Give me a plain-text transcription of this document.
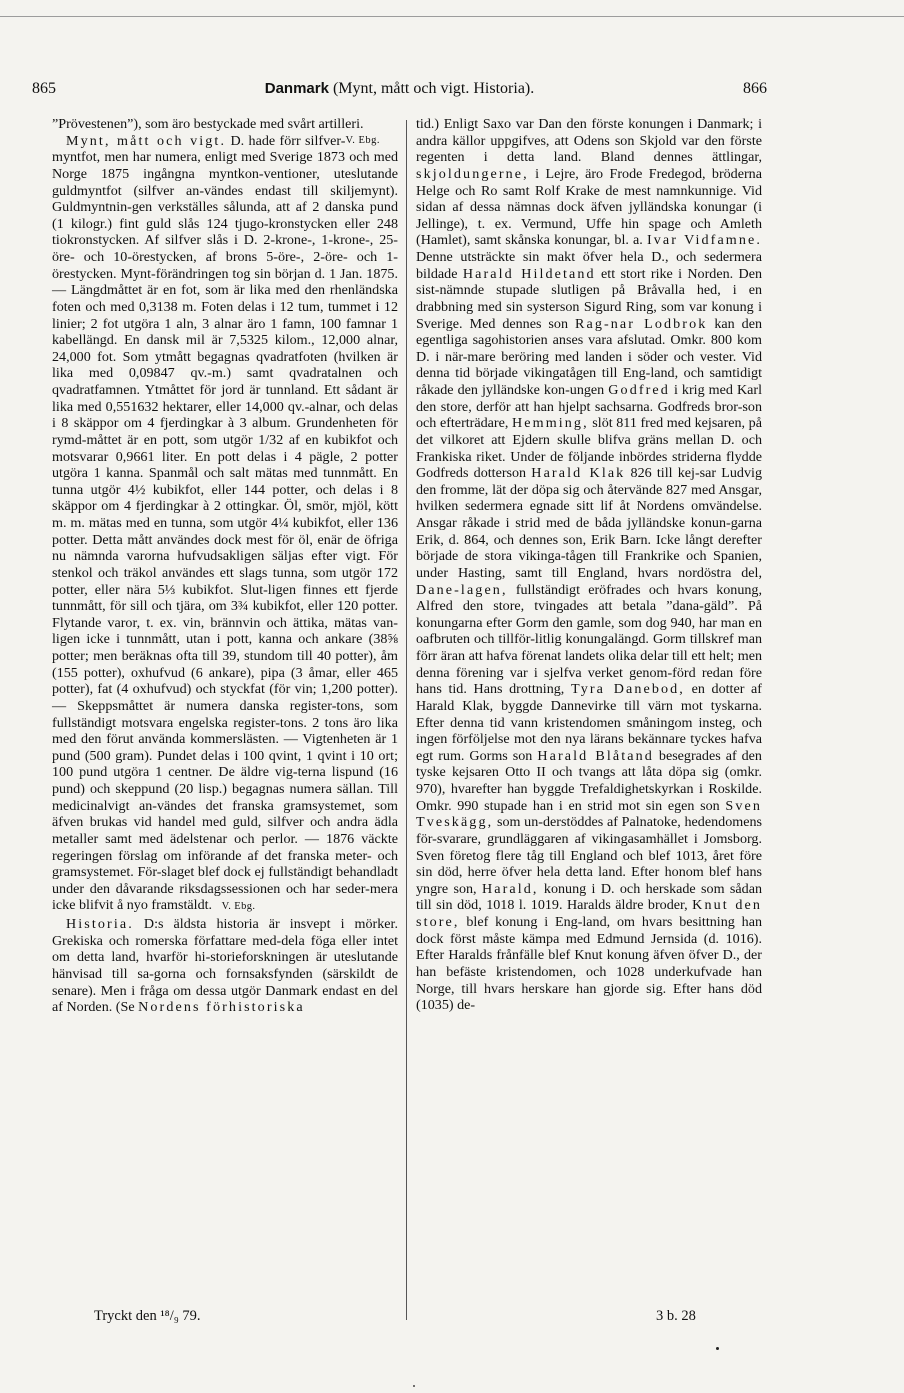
865	Danmark (Mynt, mått och vigt. Historia).	866

”Prövestenen”), som äro bestyckade med svårt artilleri.
V. Ebg.

Mynt, mått och vigt. D. hade förr silfver-myntfot, men har numera, enligt med Sverige 1873 och med Norge 1875 ingångna myntkon-ventioner, uteslutande guldmyntfot (silfver an-vändes endast till skiljemynt). Guldmyntnin-gen verkställes sålunda, att af 2 danska pund (1 kilogr.) fint guld slås 124 tjugo-kronstycken eller 248 tiokronstycken. Af silfver slås i D. 2-krone-, 1-krone-, 25-öre- och 10-örestycken, af brons 5-öre-, 2-öre- och 1-örestycken. Mynt-förändringen tog sin början d. 1 Jan. 1875. — Längdmåttet är en fot, som är lika med den rhenländska foten och med 0,3138 m. Foten delas i 12 tum, tummet i 12 linier; 2 fot utgöra 1 aln, 3 alnar äro 1 famn, 100 famnar 1 kabellängd. En dansk mil är 7,5325 kilom., 12,000 alnar, 24,000 fot. Som ytmått begagnas qvadratfoten (hvilken är lika med 0,09847 qv.-m.) samt qvadratalnen och qvadratfamnen. Ytmåttet för jord är tunnland. Ett sådant är lika med 0,551632 hektarer, eller 14,000 qv.-alnar, och delas i 8 skäppor om 4 fjerdingkar à 3 album. Grundenheten för rymd-måttet är en pott, som utgör 1/32 af en kubikfot och motsvarar 0,9661 liter. En pott delas i 4 pägle, 2 potter utgöra 1 kanna. Spanmål och salt mätas med tunnmått. En tunna utgör 4½ kubikfot, eller 144 potter, och delas i 8 skäppor om 4 fjerdingkar à 2 ottingkar. Öl, smör, mjöl, kött m. m. mätas med en tunna, som utgör 4¼ kubikfot, eller 136 potter. Detta mått användes dock mest för öl, enär de öfriga nu nämnda varorna hufvudsakligen säljas efter vigt. För stenkol och träkol användes ett slags tunna, som utgör 172 potter, eller nära 5⅓ kubikfot. Slut-ligen finnes ett fjerde tunnmått, för sill och tjära, om 3¾ kubikfot, eller 120 potter. Flytande varor, t. ex. vin, brännvin och ättika, mätas van-ligen icke i tunnmått, utan i pott, kanna och ankare (38⅝ potter; men beräknas ofta till 39, stundom till 40 potter), åm (155 potter), oxhufvud (6 ankare), pipa (3 åmar, eller 465 potter), fat (4 oxhufvud) och styckfat (för vin; 1,200 potter). — Skeppsmåttet är numera danska register-tons, som fullständigt motsvara engelska register-tons. 2 tons äro lika med den förut använda kommerslästen. — Vigtenheten är 1 pund (500 gram). Pundet delas i 100 qvint, 1 qvint i 10 ort; 100 pund utgöra 1 centner. De äldre vig-terna lispund (16 pund) och skeppund (20 lisp.) begagnas numera sällan. Till medicinalvigt an-vändes det franska gramsystemet, som äfven brukas vid handel med guld, silfver och andra ädla metaller samt med ädelstenar och perlor. — 1876 väckte regeringen förslag om införande af det franska meter- och gramsystemet. För-slaget blef dock ej fullständigt behandladt under den dåvarande riksdagssessionen och har seder-mera icke blifvit å nyo framstäldt. V. Ebg.

Historia. D:s äldsta historia är insvept i mörker. Grekiska och romerska författare med-dela föga eller intet om detta land, hvarför hi-storieforskningen är uteslutande hänvisad till sa-gorna och fornsaksfynden (särskildt de senare). Men i fråga om dessa utgör Danmark endast en del af Norden. (Se Nordens förhistoriska

tid.) Enligt Saxo var Dan den förste konungen i Danmark; i andra källor uppgifves, att Odens son Skjold var den förste regenten i detta land. Bland dennes ättlingar, skjoldungerne, i Lejre, äro Frode Fredegod, bröderna Helge och Ro samt Rolf Krake de mest namnkunnige. Vid sidan af dessa nämnas dock äfven jylländska konungar (i Jellinge), t. ex. Vermund, Uffe hin spage och Amleth (Hamlet), samt skånska konungar, bl. a. Ivar Vidfamne. Denne utsträckte sin makt öfver hela D., och sedermera bildade Harald Hildetand ett stort rike i Norden. Den sist-nämnde stupade slutligen på Bråvalla hed, i en drabbning med sin systerson Sigurd Ring, som var konung i Sverige. Med dennes son Rag-nar Lodbrok kan den egentliga sagohistorien anses vara afslutad. Omkr. 800 kom D. i när-mare beröring med landen i söder och vester. Vid denna tid började vikingatågen till Eng-land, och samtidigt råkade den jylländske kon-ungen Godfred i krig med Karl den store, derför att han hjelpt sachsarna. Godfreds bror-son och efterträdare, Hemming, slöt 811 fred med kejsaren, på det vilkoret att Ejdern skulle blifva gräns mellan D. och Frankiska riket. Under de följande inbördes striderna flydde Godfreds dotterson Harald Klak 826 till kej-sar Ludvig den fromme, lät der döpa sig och återvände 827 med Ansgar, hvilken sedermera egnade sitt lif åt Nordens omvändelse. Ansgar råkade i strid med de båda jylländske konun-garna Erik, d. 864, och dennes son, Erik Barn. Icke långt derefter började de stora vikinga-tågen till Frankrike och Spanien, under Hasting, samt till England, hvars nordöstra del, Dane-lagen, fullständigt eröfrades och hvars konung, Alfred den store, tvingades att betala ”dana-gäld”. På konungarna efter Gorm den gamle, som dog 940, har man en oafbruten och tillför-litlig konungalängd. Gorm tillskref man förr äran att hafva förenat landets olika delar till ett helt; men denna förening var i sjelfva verket genom-förd redan före hans tid. Hans drottning, Tyra Danebod, en dotter af Harald Klak, byggde Dannevirke till värn mot tyskarna. Efter denna tid vann kristendomen småningom insteg, och ingen förföljelse mot den nya lärans bekännare tyckes hafva egt rum. Gorms son Harald Blåtand besegrades af den tyske kejsaren Otto II och tvangs att låta döpa sig (omkr. 970), hvarefter han byggde Trefaldighetskyrkan i Roskilde. Omkr. 990 stupade han i en strid mot sin egen son Sven Tveskägg, som un-derstöddes af Palnatoke, hedendomens för-svarare, grundläggaren af vikingasamhället i Jomsborg. Sven företog flere tåg till England och blef 1013, året före sin död, herre öfver hela detta land. Efter honom blef hans yngre son, Harald, konung i D. och herskade som sådan till sin död, 1018 l. 1019. Haralds äldre broder, Knut den store, blef konung i Eng-land, om hvars besittning han dock först måste kämpa med Edmund Jernsida (d. 1016). Efter Haralds frånfälle blef Knut konung äfven öfver D., der han befäste kristendomen, och 1028 underkufvade han Norge, till hvars herskare han gjorde sig. Efter hans död (1035) de-

Tryckt den ¹⁸/₉ 79.	3 b. 28
